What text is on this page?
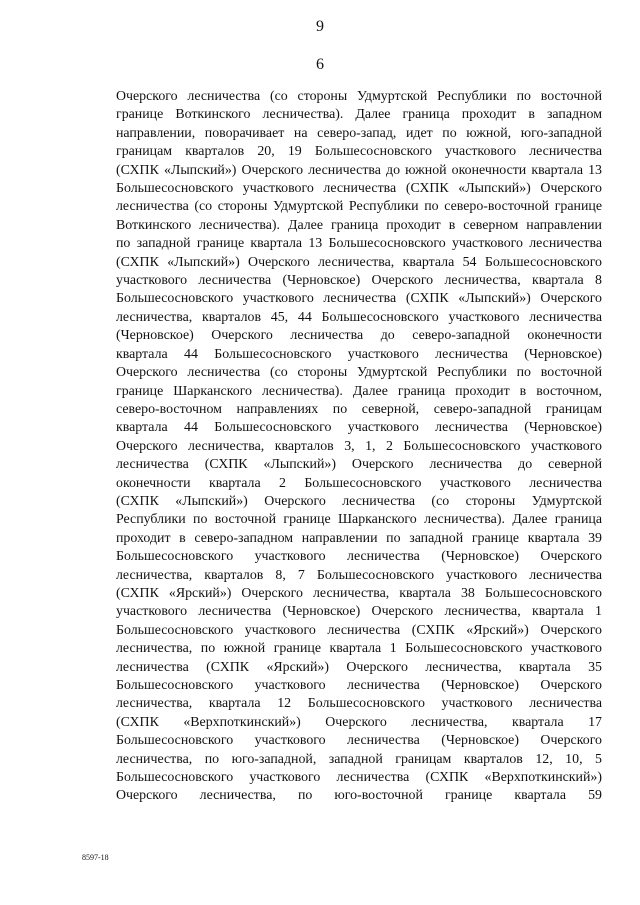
9
6
Очерского лесничества (со стороны Удмуртской Республики по восточной
границе Воткинского лесничества). Далее граница проходит в западном
направлении, поворачивает на северо-запад, идет по южной, юго-западной
границам кварталов 20, 19 Большесосновского участкового лесничества
(СХПК «Лыпский») Очерского лесничества до южной оконечности квартала 13
Большесосновского участкового лесничества (СХПК «Лыпский») Очерского
лесничества (со стороны Удмуртской Республики по северо-восточной границе
Воткинского лесничества). Далее граница проходит в северном направлении
по западной границе квартала 13 Большесосновского участкового лесничества
(СХПК «Лыпский») Очерского лесничества, квартала 54 Большесосновского
участкового лесничества (Черновское) Очерского лесничества, квартала 8
Большесосновского участкового лесничества (СХПК «Лыпский») Очерского
лесничества, кварталов 45, 44 Большесосновского участкового лесничества
(Черновское) Очерского лесничества до северо-западной оконечности
квартала 44 Большесосновского участкового лесничества (Черновское)
Очерского лесничества (со стороны Удмуртской Республики по восточной
границе Шарканского лесничества). Далее граница проходит в восточном,
северо-восточном направлениях по северной, северо-западной границам
квартала 44 Большесосновского участкового лесничества (Черновское)
Очерского лесничества, кварталов 3, 1, 2 Большесосновского участкового
лесничества (СХПК «Лыпский») Очерского лесничества до северной
оконечности квартала 2 Большесосновского участкового лесничества
(СХПК «Лыпский») Очерского лесничества (со стороны Удмуртской
Республики по восточной границе Шарканского лесничества). Далее граница
проходит в северо-западном направлении по западной границе квартала 39
Большесосновского участкового лесничества (Черновское) Очерского
лесничества, кварталов 8, 7 Большесосновского участкового лесничества
(СХПК «Ярский») Очерского лесничества, квартала 38 Большесосновского
участкового лесничества (Черновское) Очерского лесничества, квартала 1
Большесосновского участкового лесничества (СХПК «Ярский») Очерского
лесничества, по южной границе квартала 1 Большесосновского участкового
лесничества (СХПК «Ярский») Очерского лесничества, квартала 35
Большесосновского участкового лесничества (Черновское) Очерского
лесничества, квартала 12 Большесосновского участкового лесничества
(СХПК «Верхпоткинский») Очерского лесничества, квартала 17
Большесосновского участкового лесничества (Черновское) Очерского
лесничества, по юго-западной, западной границам кварталов 12, 10, 5
Большесосновского участкового лесничества (СХПК «Верхпоткинский»)
Очерского лесничества, по юго-восточной границе квартала 59
8597-18
